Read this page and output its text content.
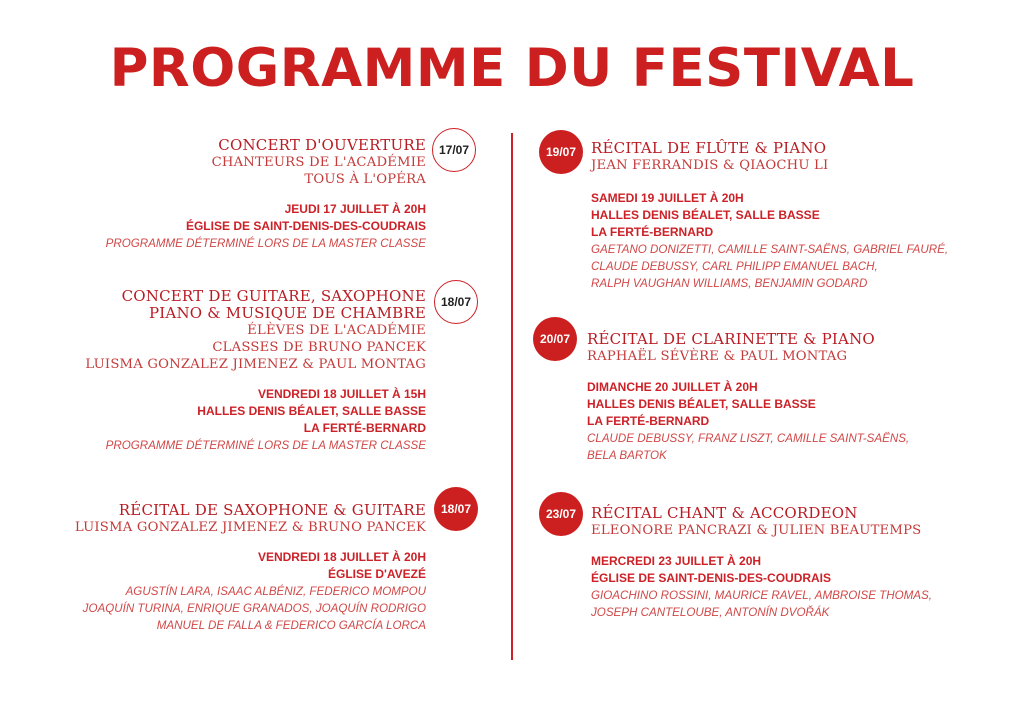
PROGRAMME DU FESTIVAL

CONCERT D'OUVERTURE

CHANTEURS DE L'ACADÉMIE

TOUS À L'OPÉRA

JEUDI 17 JUILLET À 20H
ÉGLISE DE SAINT-DENIS-DES-COUDRAIS
PROGRAMME DÉTERMINÉ LORS DE LA MASTER CLASSE
17/07

CONCERT DE GUITARE, SAXOPHONE

PIANO & MUSIQUE DE CHAMBRE

ÉLÈVES DE L'ACADÉMIE

CLASSES DE BRUNO PANCEK

LUISMA GONZALEZ JIMENEZ & PAUL MONTAG

VENDREDI 18 JUILLET À 15H
HALLES DENIS BÉALET, SALLE BASSE
LA FERTÉ-BERNARD
PROGRAMME DÉTERMINÉ LORS DE LA MASTER CLASSE
18/07

RÉCITAL DE SAXOPHONE & GUITARE

LUISMA GONZALEZ JIMENEZ & BRUNO PANCEK

VENDREDI 18 JUILLET À 20H
ÉGLISE D'AVEZÉ
AGUSTÍN LARA, ISAAC ALBÉNIZ, FEDERICO MOMPOU
JOAQUÍN TURINA, ENRIQUE GRANADOS, JOAQUÍN RODRIGO
MANUEL DE FALLA & FEDERICO GARCÍA LORCA
18/07
19/07 RÉCITAL DE FLÛTE & PIANO

JEAN FERRANDIS & QIAOCHU LI

SAMEDI 19 JUILLET À 20H
HALLES DENIS BÉALET, SALLE BASSE
LA FERTÉ-BERNARD
GAETANO DONIZETTI, CAMILLE SAINT-SAËNS, GABRIEL FAURÉ,
CLAUDE DEBUSSY, CARL PHILIPP EMANUEL BACH,
RALPH VAUGHAN WILLIAMS, BENJAMIN GODARD
20/07	RÉCITAL DE CLARINETTE & PIANO

RAPHAËL SÉVÈRE & PAUL MONTAG

DIMANCHE 20 JUILLET À 20H
HALLES DENIS BÉALET, SALLE BASSE
LA FERTÉ-BERNARD
CLAUDE DEBUSSY, FRANZ LISZT, CAMILLE SAINT-SAËNS,
BELA BARTOK
23/07 RÉCITAL CHANT & ACCORDEON

ELEONORE PANCRAZI & JULIEN BEAUTEMPS

MERCREDI 23 JUILLET À 20H
ÉGLISE DE SAINT-DENIS-DES-COUDRAIS
GIOACHINO ROSSINI, MAURICE RAVEL, AMBROISE THOMAS,
JOSEPH CANTELOUBE, ANTONÍN DVOŘÁK
